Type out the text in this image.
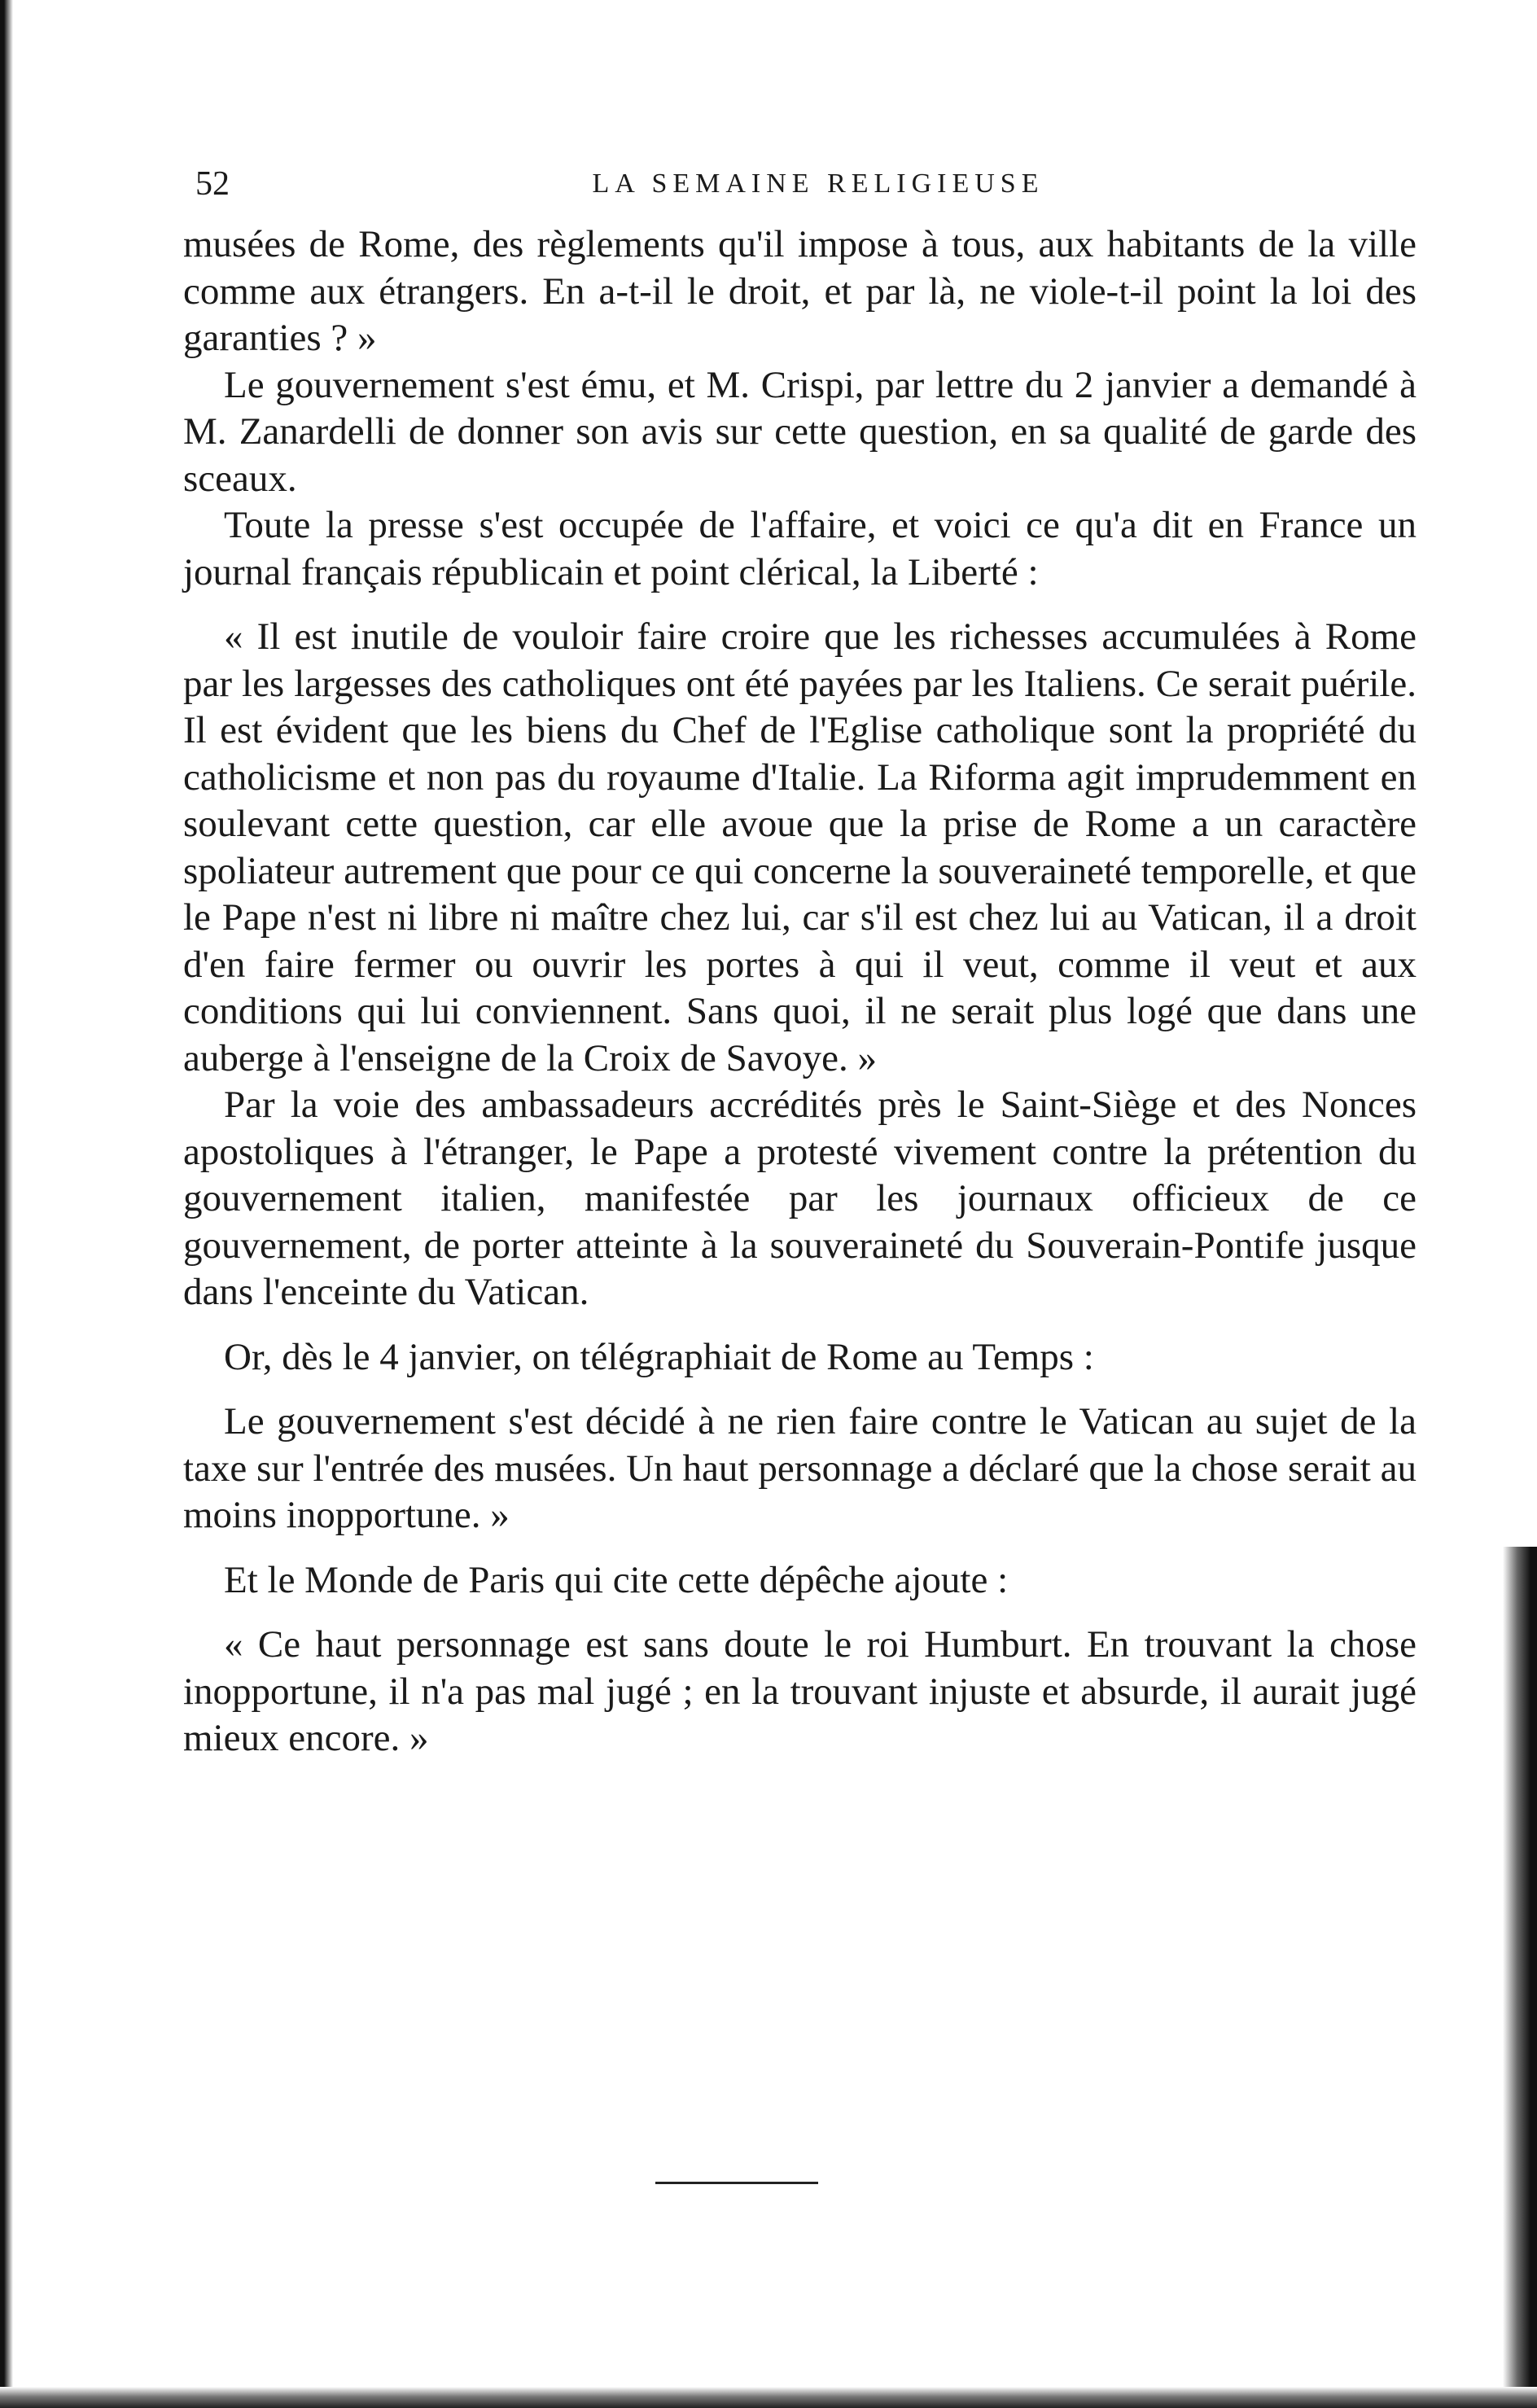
52	LA SEMAINE RELIGIEUSE

musées de Rome, des règlements qu'il impose à tous, aux habitants de la ville comme aux étrangers. En a-t-il le droit, et par là, ne viole-t-il point la loi des garanties ? »

Le gouvernement s'est ému, et M. Crispi, par lettre du 2 janvier a demandé à M. Zanardelli de donner son avis sur cette question, en sa qualité de garde des sceaux.

Toute la presse s'est occupée de l'affaire, et voici ce qu'a dit en France un journal français républicain et point clérical, la Liberté :

« Il est inutile de vouloir faire croire que les richesses accumulées à Rome par les largesses des catholiques ont été payées par les Italiens. Ce serait puérile. Il est évident que les biens du Chef de l'Eglise catholique sont la propriété du catholicisme et non pas du royaume d'Italie. La Riforma agit imprudemment en soulevant cette question, car elle avoue que la prise de Rome a un caractère spoliateur autrement que pour ce qui concerne la souveraineté temporelle, et que le Pape n'est ni libre ni maître chez lui, car s'il est chez lui au Vatican, il a droit d'en faire fermer ou ouvrir les portes à qui il veut, comme il veut et aux conditions qui lui conviennent. Sans quoi, il ne serait plus logé que dans une auberge à l'enseigne de la Croix de Savoye. »

Par la voie des ambassadeurs accrédités près le Saint-Siège et des Nonces apostoliques à l'étranger, le Pape a protesté vivement contre la prétention du gouvernement italien, manifestée par les journaux officieux de ce gouvernement, de porter atteinte à la souveraineté du Souverain-Pontife jusque dans l'enceinte du Vatican.

Or, dès le 4 janvier, on télégraphiait de Rome au Temps :

Le gouvernement s'est décidé à ne rien faire contre le Vatican au sujet de la taxe sur l'entrée des musées. Un haut personnage a déclaré que la chose serait au moins inopportune. »

Et le Monde de Paris qui cite cette dépêche ajoute :

« Ce haut personnage est sans doute le roi Humburt. En trouvant la chose inopportune, il n'a pas mal jugé ; en la trouvant injuste et absurde, il aurait jugé mieux encore. »
